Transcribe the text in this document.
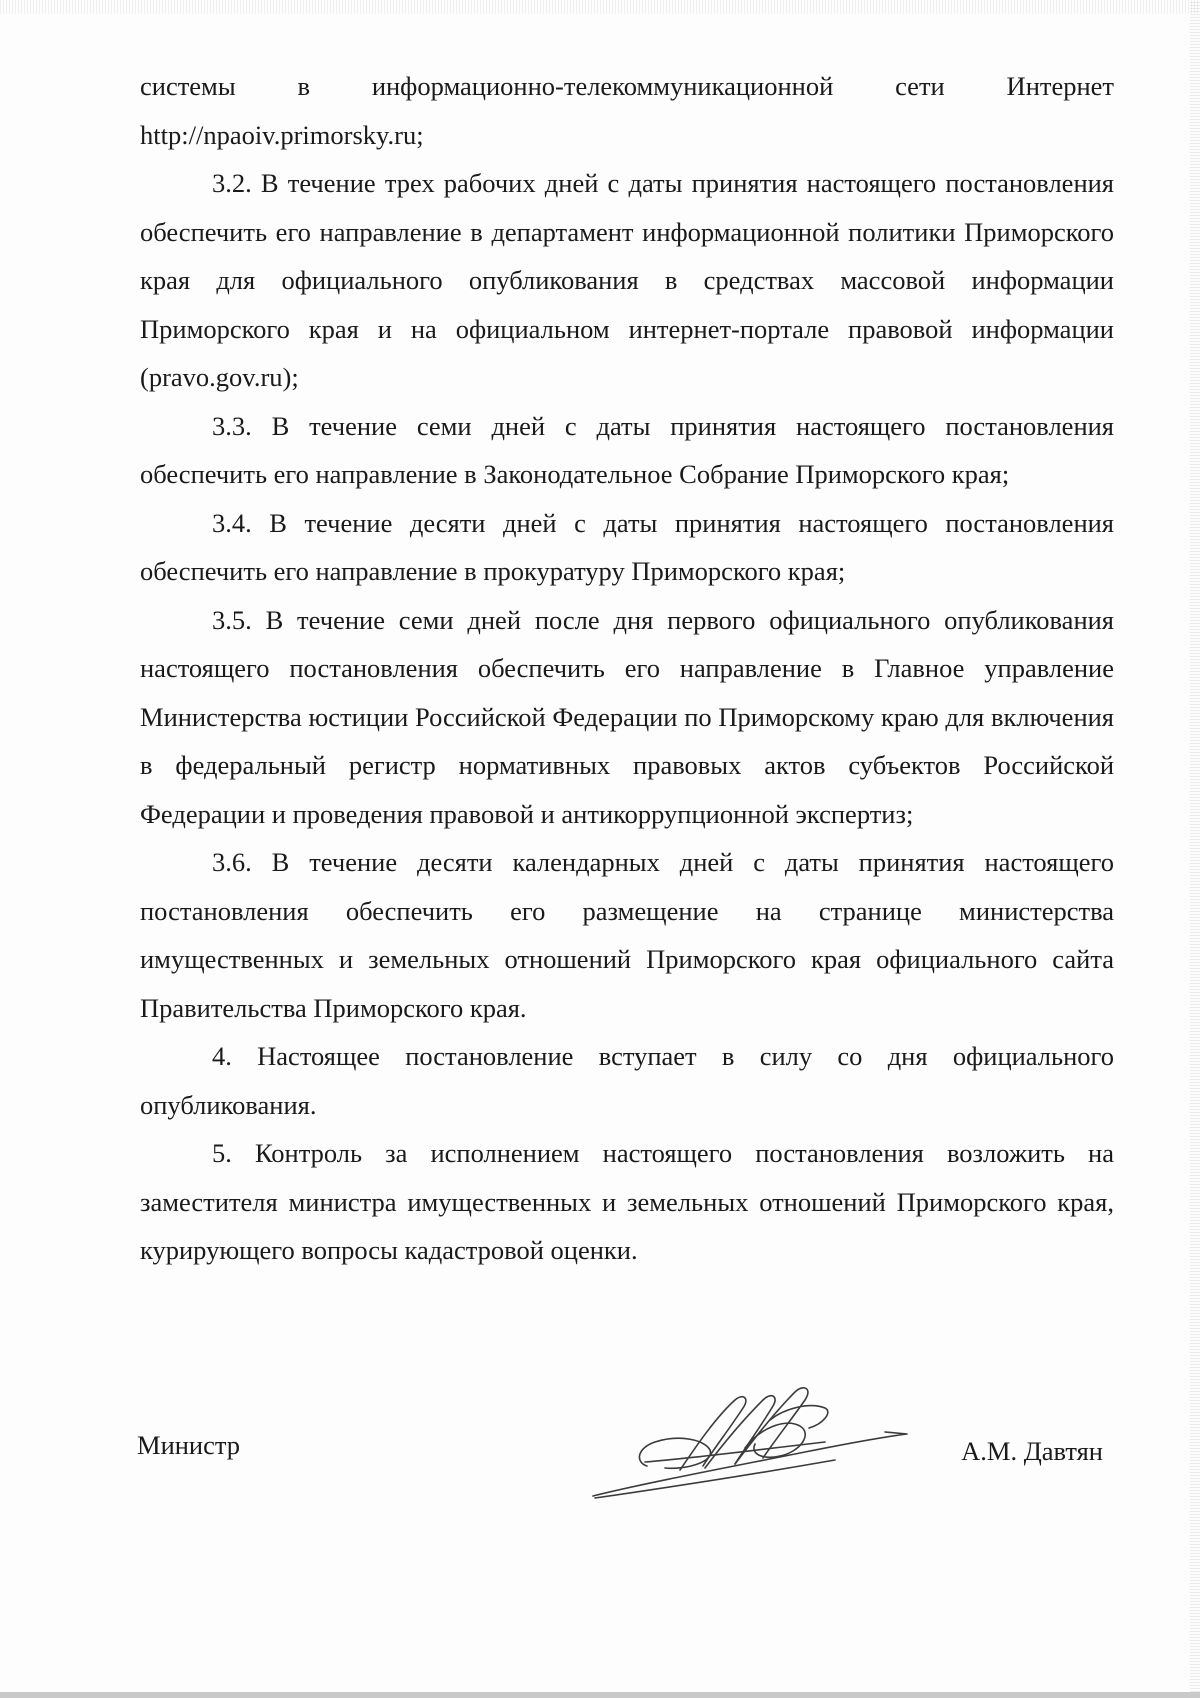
системы в информационно-телекоммуникационной сети Интернет http://npaoiv.primorsky.ru;

3.2. В течение трех рабочих дней с даты принятия настоящего постановления обеспечить его направление в департамент информационной политики Приморского края для официального опубликования в средствах массовой информации Приморского края и на официальном интернет-портале правовой информации (pravo.gov.ru);

3.3. В течение семи дней с даты принятия настоящего постановления обеспечить его направление в Законодательное Собрание Приморского края;

3.4. В течение десяти дней с даты принятия настоящего постановления обеспечить его направление в прокуратуру Приморского края;

3.5. В течение семи дней после дня первого официального опубликования настоящего постановления обеспечить его направление в Главное управление Министерства юстиции Российской Федерации по Приморскому краю для включения в федеральный регистр нормативных правовых актов субъектов Российской Федерации и проведения правовой и антикоррупционной экспертиз;

3.6. В течение десяти календарных дней с даты принятия настоящего постановления обеспечить его размещение на странице министерства имущественных и земельных отношений Приморского края официального сайта Правительства Приморского края.

4. Настоящее постановление вступает в силу со дня официального опубликования.

5. Контроль за исполнением настоящего постановления возложить на заместителя министра имущественных и земельных отношений Приморского края, курирующего вопросы кадастровой оценки.

Министр	А.М. Давтян
